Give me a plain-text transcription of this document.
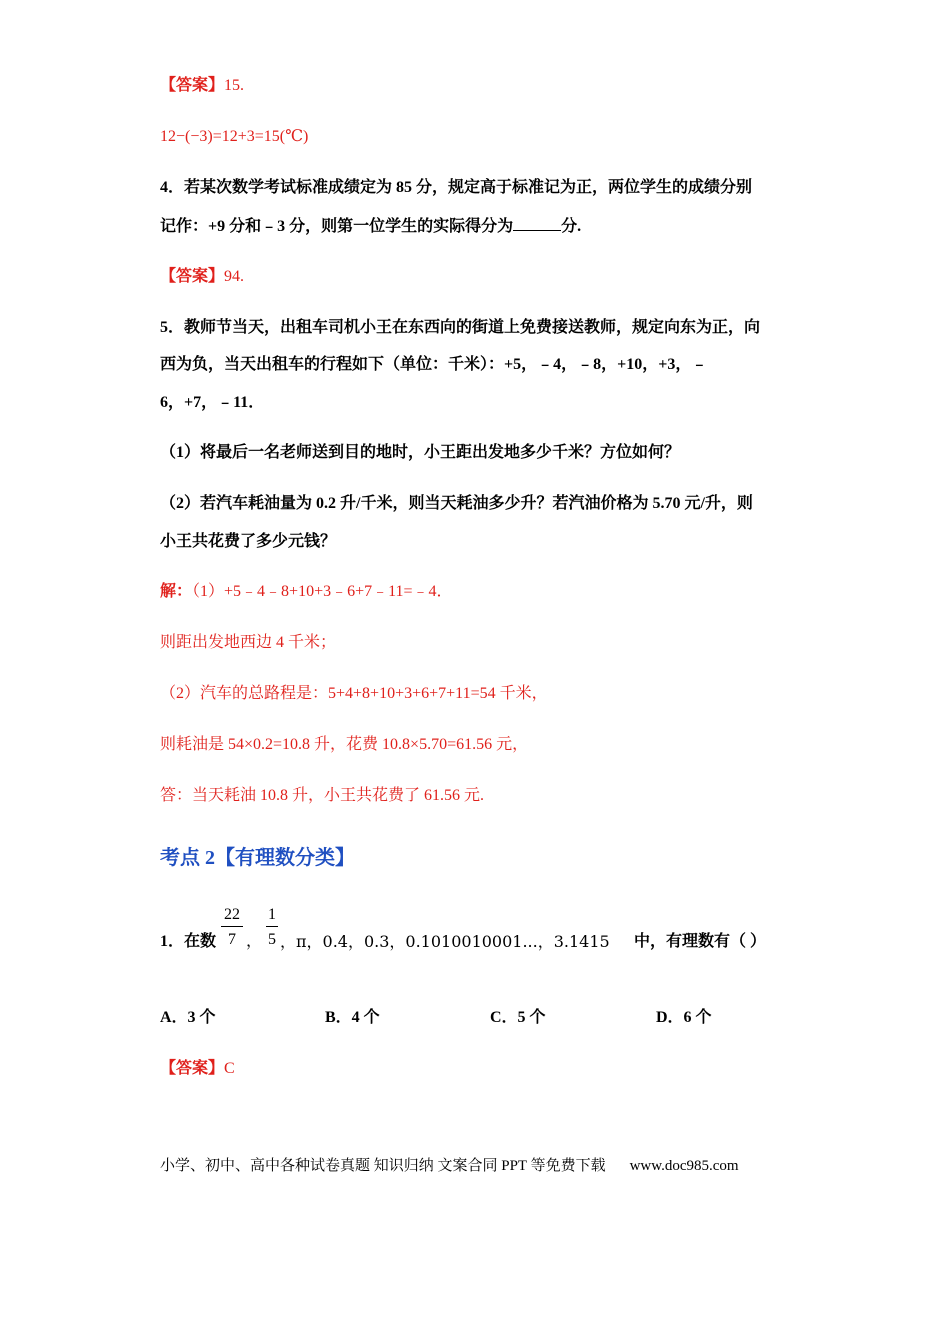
【答案】15.
12−(−3)=12+3=15(℃)
4．若某次数学考试标准成绩定为 85 分，规定高于标准记为正，两位学生的成绩分别
记作：+9 分和﹣3 分，则第一位学生的实际得分为	分.
【答案】94.
5．教师节当天，出租车司机小王在东西向的街道上免费接送教师，规定向东为正，向
西为负，当天出租车的行程如下（单位：千米）：+5，﹣4，﹣8，+10，+3，﹣
6，+7，﹣11．
（1）将最后一名老师送到目的地时，小王距出发地多少千米？方位如何？
（2）若汽车耗油量为 0.2 升/千米，则当天耗油多少升？若汽油价格为 5.70 元/升，则
小王共花费了多少元钱？
解：（1）+5﹣4﹣8+10+3﹣6+7﹣11=﹣4．
则距出发地西边 4 千米；
（2）汽车的总路程是：5+4+8+10+3+6+7+11=54 千米，
则耗油是 54×0.2=10.8 升，花费 10.8×5.70=61.56 元，
答：当天耗油 10.8 升，小王共花费了 61.56 元.
考点 2【有理数分类】
1．在数 $\frac{22}{7}$ ， $\frac{1}{5}$ ，π，0.4，0.3，0.1010010001...，3.1415 中，有理数有（ ）
A．3 个	B．4 个	C．5 个	D．6 个
【答案】C
小学、初中、高中各种试卷真题 知识归纳 文案合同 PPT 等免费下载 www.doc985.com
